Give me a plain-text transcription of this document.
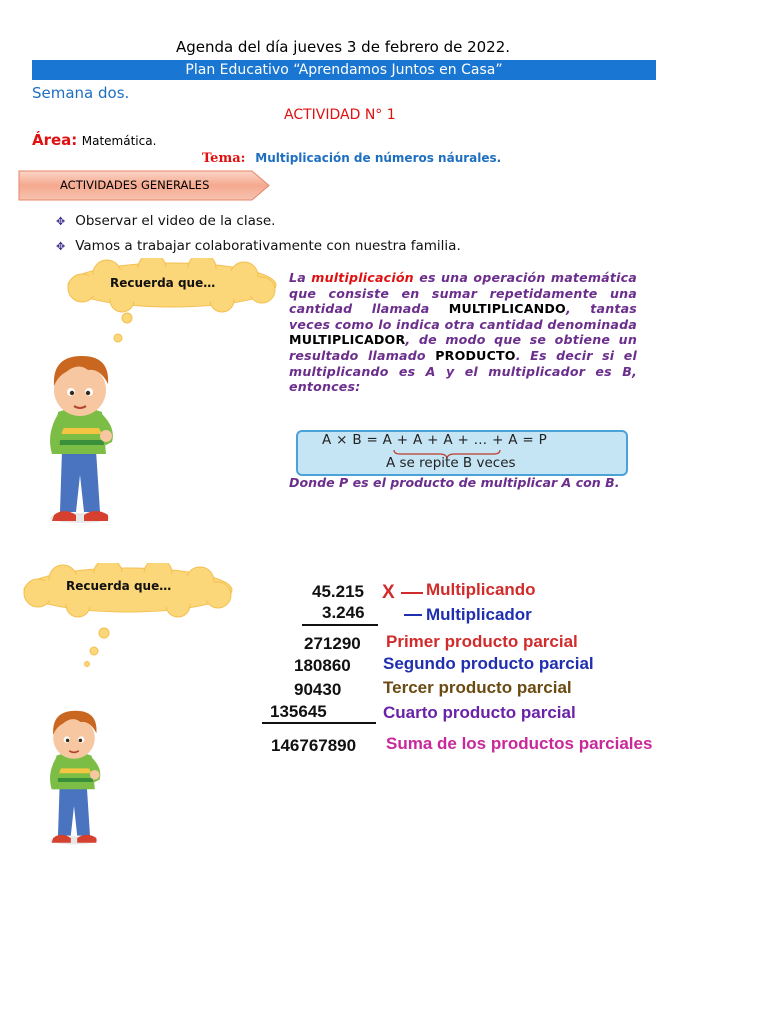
Agenda del día jueves 3 de febrero de 2022.
Plan Educativo “Aprendamos Juntos en Casa”
Semana dos.
ACTIVIDAD N° 1
Área: Matemática.
Tema: Multiplicación de números náurales.
ACTIVIDADES GENERALES
✥ Observar el video de la clase.
✥ Vamos a trabajar colaborativamente con nuestra familia.
Recuerda que…	La multiplicación es una operación matemática que consiste en sumar repetidamente una cantidad llamada MULTIPLICANDO, tantas veces como lo indica otra cantidad denominada MULTIPLICADOR, de modo que se obtiene un resultado llamado PRODUCTO. Es decir si el multiplicando es A y el multiplicador es B, entonces:
A × B = A + A + A + … + A = P
A se repite B veces
Donde P es el producto de multiplicar A con B.
Recuerda que…	45.215 X Multiplicando
3.246	Multiplicador
271290 Primer producto parcial
180860 Segundo producto parcial
90430 Tercer producto parcial
135645	Cuarto producto parcial
146767890 Suma de los productos parciales
